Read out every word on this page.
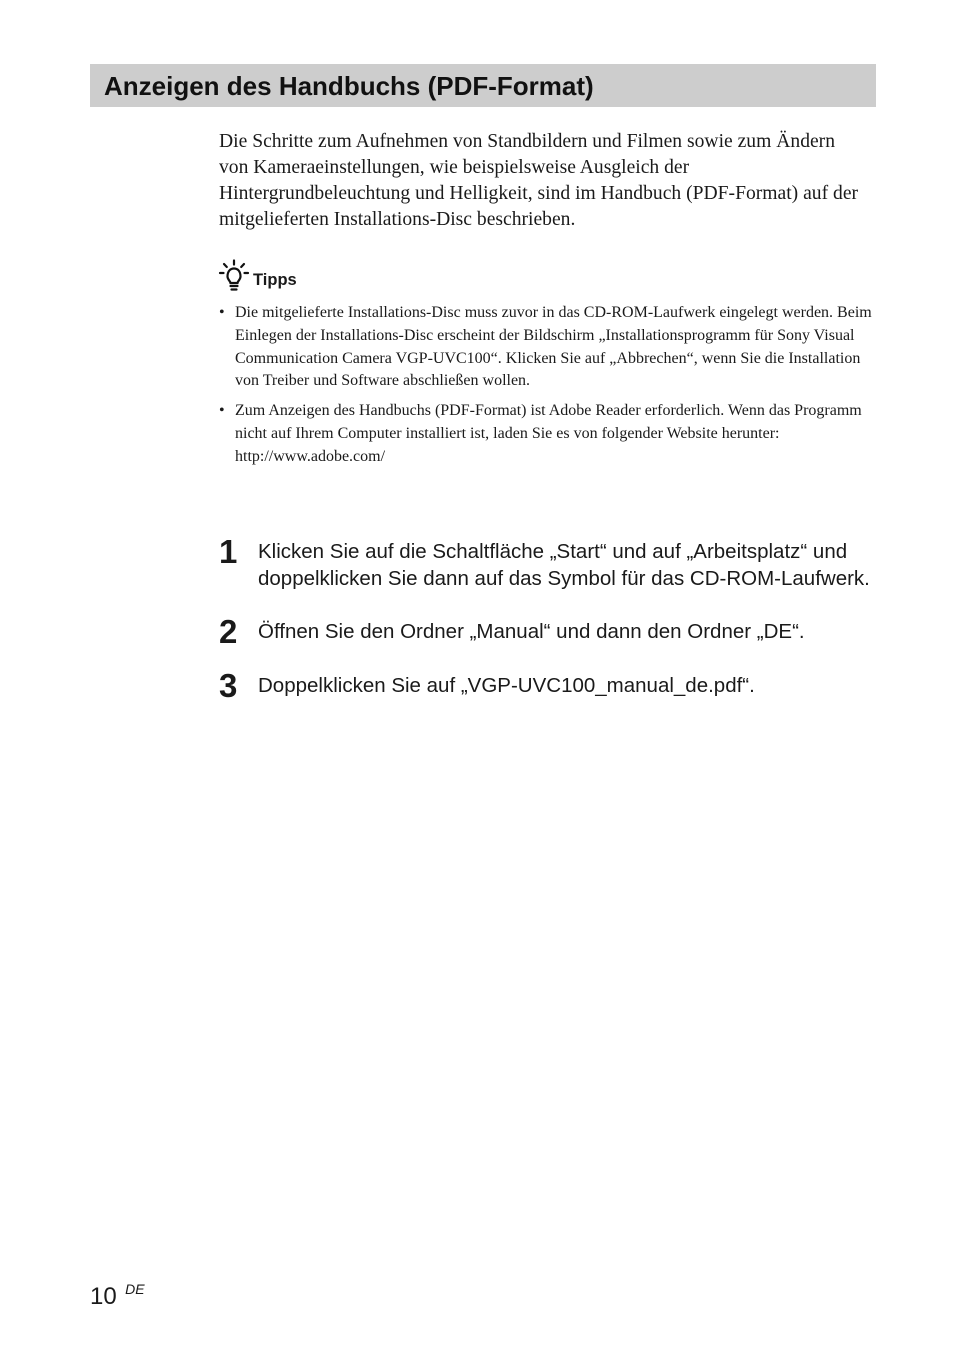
Anzeigen des Handbuchs (PDF-Format)

Die Schritte zum Aufnehmen von Standbildern und Filmen sowie zum Ändern von Kameraeinstellungen, wie beispielsweise Ausgleich der Hintergrundbeleuchtung und Helligkeit, sind im Handbuch (PDF-Format) auf der mitgelieferten Installations-Disc beschrieben.

Tipps
• Die mitgelieferte Installations-Disc muss zuvor in das CD-ROM-Laufwerk eingelegt werden. Beim Einlegen der Installations-Disc erscheint der Bildschirm „Installationsprogramm für Sony Visual Communication Camera VGP-UVC100“. Klicken Sie auf „Abbrechen“, wenn Sie die Installation von Treiber und Software abschließen wollen.
• Zum Anzeigen des Handbuchs (PDF-Format) ist Adobe Reader erforderlich. Wenn das Programm nicht auf Ihrem Computer installiert ist, laden Sie es von folgender Website herunter:
http://www.adobe.com/
1 Klicken Sie auf die Schaltfläche „Start“ und auf „Arbeitsplatz“ und doppelklicken Sie dann auf das Symbol für das CD-ROM-Laufwerk.
2 Öffnen Sie den Ordner „Manual“ und dann den Ordner „DE“.
3 Doppelklicken Sie auf „VGP-UVC100_manual_de.pdf“.
10 DE
